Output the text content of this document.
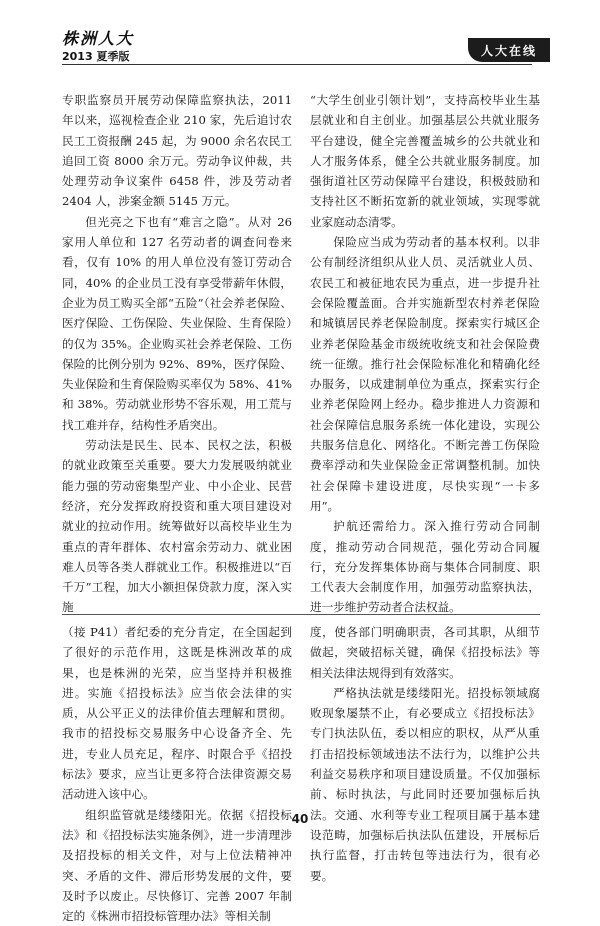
株洲人大
2013 夏季版	人大在线

专职监察员开展劳动保障监察执法，2011 年以来，巡视检查企业 210 家，先后追讨农民工工资报酬 245 起，为 9000 余名农民工追回工资 8000 余万元。劳动争议仲裁，共处理劳动争议案件 6458 件，涉及劳动者 2404 人，涉案金额 5145 万元。

但光亮之下也有“难言之隐”。从对 26 家用人单位和 127 名劳动者的调查问卷来看，仅有 10% 的用人单位没有签订劳动合同，40% 的企业员工没有享受带薪年休假，企业为员工购买全部“五险”（社会养老保险、医疗保险、工伤保险、失业保险、生育保险）的仅为 35%。企业购买社会养老保险、工伤保险的比例分别为 92%、89%，医疗保险、失业保险和生育保险购买率仅为 58%、41% 和 38%。劳动就业形势不容乐观，用工荒与找工难并存，结构性矛盾突出。

劳动法是民生、民本、民权之法，积极的就业政策至关重要。要大力发展吸纳就业能力强的劳动密集型产业、中小企业、民营经济，充分发挥政府投资和重大项目建设对就业的拉动作用。统筹做好以高校毕业生为重点的青年群体、农村富余劳动力、就业困难人员等各类人群就业工作。积极推进以“百千万”工程，加大小额担保贷款力度，深入实施

“大学生创业引领计划”，支持高校毕业生基层就业和自主创业。加强基层公共就业服务平台建设，健全完善覆盖城乡的公共就业和人才服务体系，健全公共就业服务制度。加强街道社区劳动保障平台建设，积极鼓励和支持社区不断拓宽新的就业领域，实现零就业家庭动态清零。

保险应当成为劳动者的基本权利。以非公有制经济组织从业人员、灵活就业人员、农民工和被征地农民为重点，进一步提升社会保险覆盖面。合并实施新型农村养老保险和城镇居民养老保险制度。探索实行城区企业养老保险基金市级统收统支和社会保险费统一征缴。推行社会保险标准化和精确化经办服务，以成建制单位为重点，探索实行企业养老保险网上经办。稳步推进人力资源和社会保障信息服务系统一体化建设，实现公共服务信息化、网络化。不断完善工伤保险费率浮动和失业保险金正常调整机制。加快社会保障卡建设进度，尽快实现“一卡多用”。

护航还需给力。深入推行劳动合同制度，推动劳动合同规范，强化劳动合同履行，充分发挥集体协商与集体合同制度、职工代表大会制度作用，加强劳动监察执法，进一步维护劳动者合法权益。

（接 P41）者纪委的充分肯定，在全国起到了很好的示范作用，这既是株洲改革的成果，也是株洲的光荣，应当坚持并积极推进。实施《招投标法》应当依会法律的实质，从公平正义的法律价值去理解和贯彻。我市的招投标交易服务中心设备齐全、先进，专业人员充足，程序、时限合乎《招投标法》要求，应当让更多符合法律资源交易活动进入该中心。

组织监管就是缕缕阳光。依据《招投标法》和《招投标法实施条例》，进一步清理涉及招投标的相关文件，对与上位法精神冲突、矛盾的文件、滞后形势发展的文件，要及时予以废止。尽快修订、完善 2007 年制定的《株洲市招投标管理办法》等相关制

度，使各部门明确职责，各司其职，从细节做起，突破招标关键，确保《招投标法》等相关法律法规得到有效落实。

严格执法就是缕缕阳光。招投标领域腐败现象屡禁不止，有必要成立《招投标法》专门执法队伍，委以相应的职权，从严从重打击招投标领域违法不法行为，以维护公共利益交易秩序和项目建设质量。不仅加强标前、标时执法，与此同时还要加强标后执法。交通、水利等专业工程项目属于基本建设范畴，加强标后执法队伍建设，开展标后执行监督，打击转包等违法行为，很有必要。

40
